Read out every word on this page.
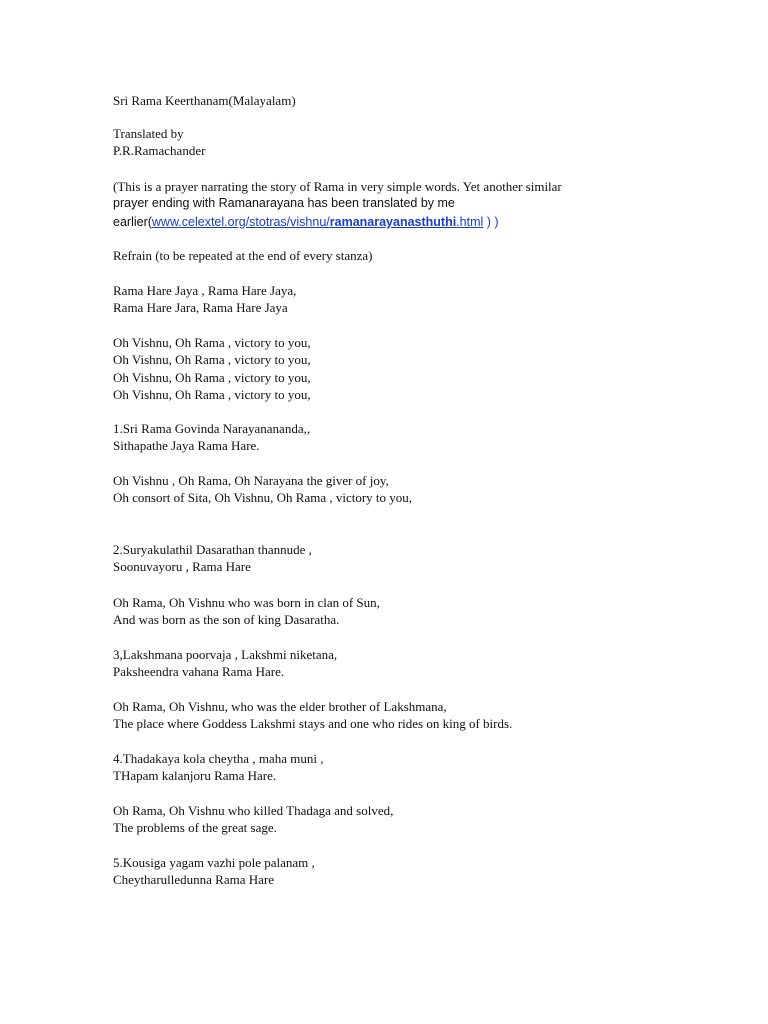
Sri Rama Keerthanam(Malayalam)
Translated by
P.R.Ramachander
(This is a prayer narrating the story of Rama in very simple words. Yet another similar
prayer ending with Ramanarayana has been translated by me
earlier(www.celextel.org/stotras/vishnu/ramanarayanasthuthi.html ) )
Refrain (to be repeated at the end of every stanza)
Rama Hare Jaya , Rama Hare Jaya,
Rama Hare Jara, Rama Hare Jaya
Oh Vishnu, Oh Rama , victory to you,
Oh Vishnu, Oh Rama , victory to you,
Oh Vishnu, Oh Rama , victory to you,
Oh Vishnu, Oh Rama , victory to you,
1.Sri Rama Govinda Narayanananda,,
Sithapathe Jaya Rama Hare.
Oh Vishnu , Oh Rama, Oh Narayana the giver of joy,
Oh consort of Sita, Oh Vishnu, Oh Rama , victory to you,
2.Suryakulathil Dasarathan thannude ,
Soonuvayoru , Rama Hare
Oh Rama, Oh Vishnu who was born in clan of Sun,
And was born as the son of king Dasaratha.
3,Lakshmana poorvaja , Lakshmi niketana,
Paksheendra vahana Rama Hare.
Oh Rama, Oh Vishnu, who was the elder brother of Lakshmana,
The place where Goddess Lakshmi stays and one who rides on king of birds.
4.Thadakaya kola cheytha , maha muni ,
THapam kalanjoru Rama Hare.
Oh Rama, Oh Vishnu who killed Thadaga and solved,
The problems of the great sage.
5.Kousiga yagam vazhi pole palanam ,
Cheytharulledunna Rama Hare
